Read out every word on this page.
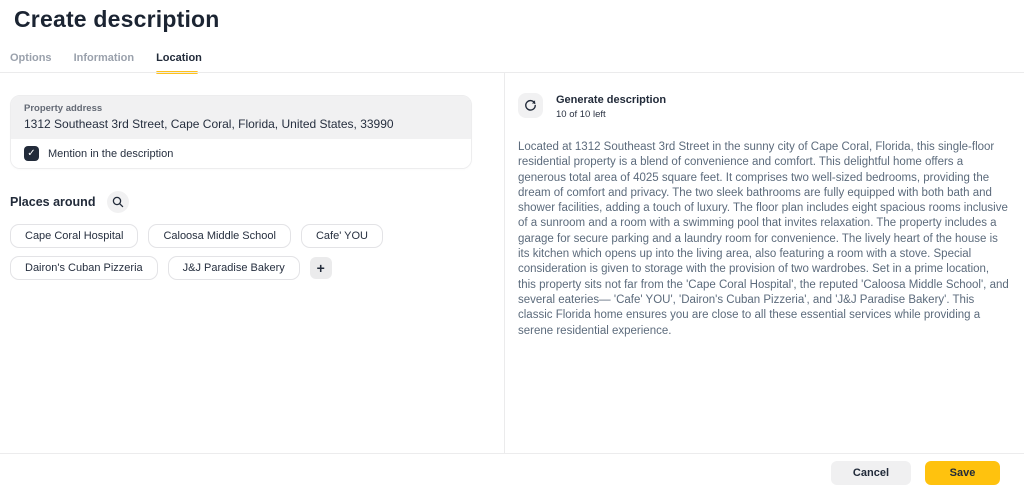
Create description
Options Information Location
Property address
1312 Southeast 3rd Street, Cape Coral, Florida, United States, 33990
✓	Mention in the description
Places around
Cape Coral Hospital	Caloosa Middle School	Cafe' YOU
Dairon's Cuban Pizzeria	J&J Paradise Bakery	+
Generate description
10 of 10 left

Located at 1312 Southeast 3rd Street in the sunny city of Cape Coral, Florida, this single-floor residential property is a blend of convenience and comfort. This delightful home offers a generous total area of 4025 square feet. It comprises two well-sized bedrooms, providing the dream of comfort and privacy. The two sleek bathrooms are fully equipped with both bath and shower facilities, adding a touch of luxury. The floor plan includes eight spacious rooms inclusive of a sunroom and a room with a swimming pool that invites relaxation. The property includes a garage for secure parking and a laundry room for convenience. The lively heart of the house is its kitchen which opens up into the living area, also featuring a room with a stove. Special consideration is given to storage with the provision of two wardrobes. Set in a prime location, this property sits not far from the 'Cape Coral Hospital', the reputed 'Caloosa Middle School', and several eateries— 'Cafe' YOU', 'Dairon's Cuban Pizzeria', and 'J&J Paradise Bakery'. This classic Florida home ensures you are close to all these essential services while providing a serene residential experience.

Cancel	Save
